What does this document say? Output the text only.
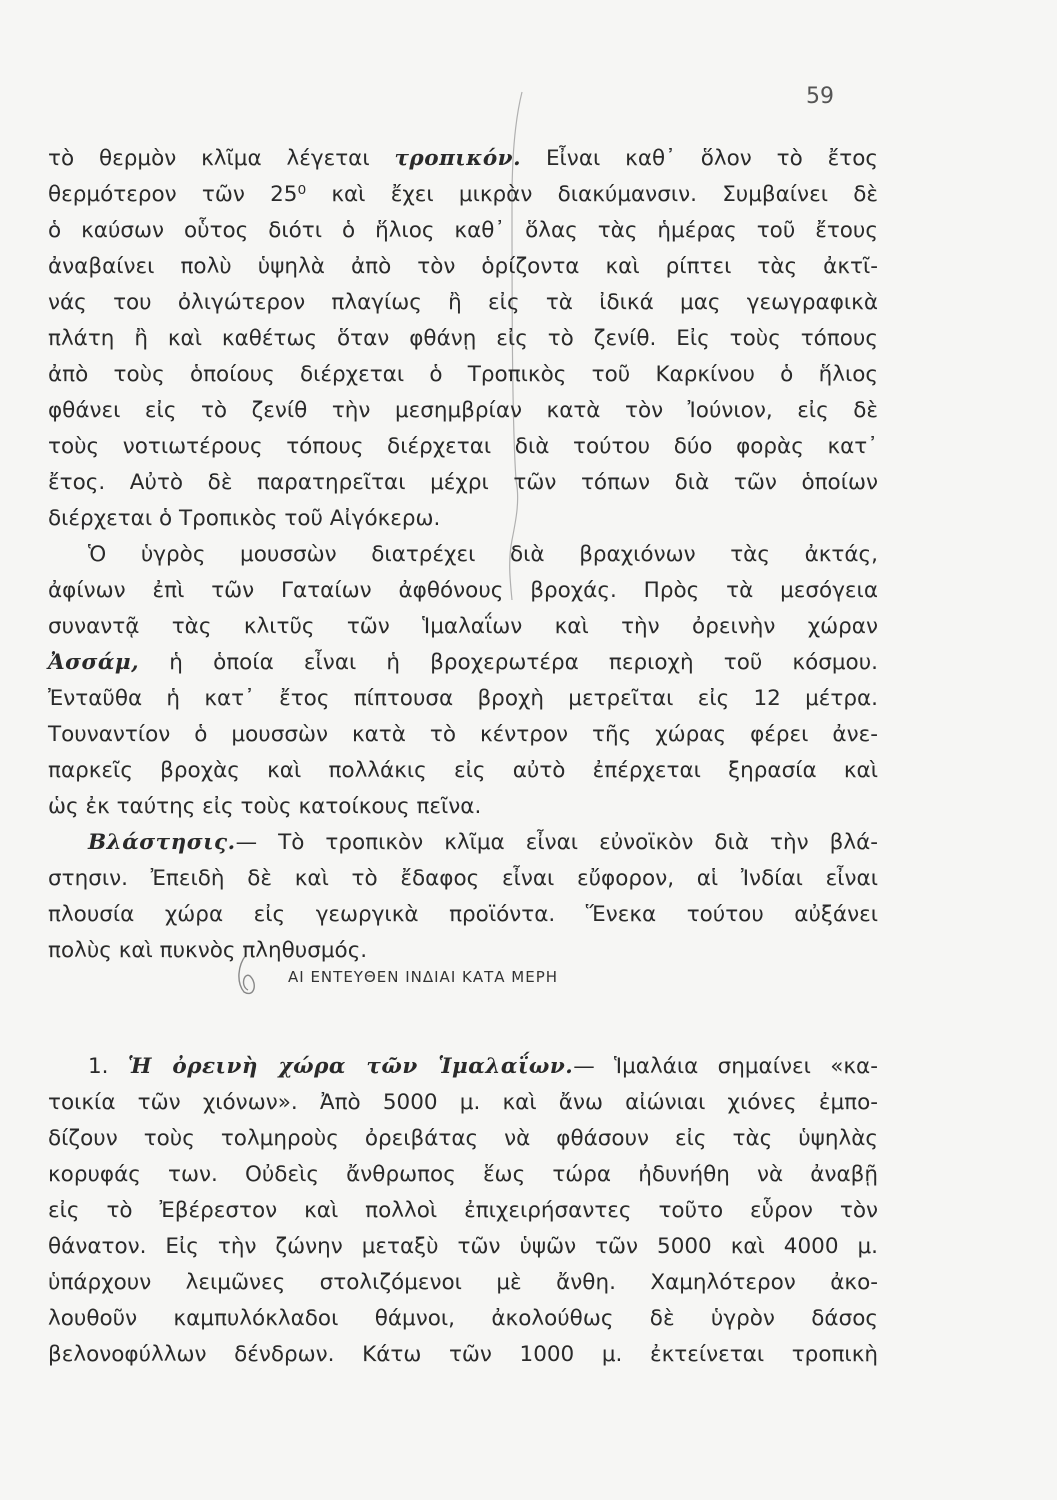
59
τὸ θερμὸν κλῖμα λέγεται τροπικόν. Εἶναι καθ᾽ ὅλον τὸ ἔτος
θερμότερον τῶν 25⁰ καὶ ἔχει μικρὰν διακύμανσιν. Συμβαίνει δὲ
ὁ καύσων οὗτος διότι ὁ ἥλιος καθ᾽ ὅλας τὰς ἡμέρας τοῦ ἔτους
ἀναβαίνει πολὺ ὑψηλὰ ἀπὸ τὸν ὁρίζοντα καὶ ρίπτει τὰς ἀκτῖ-
νάς του ὀλιγώτερον πλαγίως ἢ εἰς τὰ ἰδικά μας γεωγραφικὰ
πλάτη ἢ καὶ καθέτως ὅταν φθάνῃ εἰς τὸ ζενίθ. Εἰς τοὺς τόπους
ἀπὸ τοὺς ὁποίους διέρχεται ὁ Τροπικὸς τοῦ Καρκίνου ὁ ἥλιος
φθάνει εἰς τὸ ζενίθ τὴν μεσημβρίαν κατὰ τὸν Ἰούνιον, εἰς δὲ
τοὺς νοτιωτέρους τόπους διέρχεται διὰ τούτου δύο φορὰς κατ᾽
ἔτος. Αὐτὸ δὲ παρατηρεῖται μέχρι τῶν τόπων διὰ τῶν ὁποίων
διέρχεται ὁ Τροπικὸς τοῦ Αἰγόκερω.
Ὁ ὑγρὸς μουσσὼν διατρέχει διὰ βραχιόνων τὰς ἀκτάς,
ἀφίνων ἐπὶ τῶν Γαταίων ἀφθόνους βροχάς. Πρὸς τὰ μεσόγεια
συναντᾷ τὰς κλιτῦς τῶν Ἱμαλαΐων καὶ τὴν ὀρεινὴν χώραν
Ἀσσάμ, ἡ ὁποία εἶναι ἡ βροχερωτέρα περιοχὴ τοῦ κόσμου.
Ἐνταῦθα ἡ κατ᾽ ἔτος πίπτουσα βροχὴ μετρεῖται εἰς 12 μέτρα.
Τουναντίον ὁ μουσσὼν κατὰ τὸ κέντρον τῆς χώρας φέρει ἀνε-
παρκεῖς βροχὰς καὶ πολλάκις εἰς αὐτὸ ἐπέρχεται ξηρασία καὶ
ὡς ἐκ ταύτης εἰς τοὺς κατοίκους πεῖνα.
Βλάστησις.— Τὸ τροπικὸν κλῖμα εἶναι εὐνοϊκὸν διὰ τὴν βλά-
στησιν. Ἐπειδὴ δὲ καὶ τὸ ἔδαφος εἶναι εὔφορον, αἱ Ἰνδίαι εἶναι
πλουσία χώρα εἰς γεωργικὰ προϊόντα. Ἕνεκα τούτου αὐξάνει
πολὺς καὶ πυκνὸς πληθυσμός.
ΑΙ ΕΝΤΕΥΘΕΝ ΙΝΔΙΑΙ ΚΑΤΑ ΜΕΡΗ
1. Ἡ ὀρεινὴ χώρα τῶν Ἱμαλαΐων.— Ἱμαλάια σημαίνει «κα-
τοικία τῶν χιόνων». Ἀπὸ 5000 μ. καὶ ἄνω αἰώνιαι χιόνες ἐμπο-
δίζουν τοὺς τολμηροὺς ὀρειβάτας νὰ φθάσουν εἰς τὰς ὑψηλὰς
κορυφάς των. Οὐδεὶς ἄνθρωπος ἕως τώρα ἠδυνήθη νὰ ἀναβῇ
εἰς τὸ Ἐβέρεστον καὶ πολλοὶ ἐπιχειρήσαντες τοῦτο εὗρον τὸν
θάνατον. Εἰς τὴν ζώνην μεταξὺ τῶν ὑψῶν τῶν 5000 καὶ 4000 μ.
ὑπάρχουν λειμῶνες στολιζόμενοι μὲ ἄνθη. Χαμηλότερον ἀκο-
λουθοῦν καμπυλόκλαδοι θάμνοι, ἀκολούθως δὲ ὑγρὸν δάσος
βελονοφύλλων δένδρων. Κάτω τῶν 1000 μ. ἐκτείνεται τροπικὴ
